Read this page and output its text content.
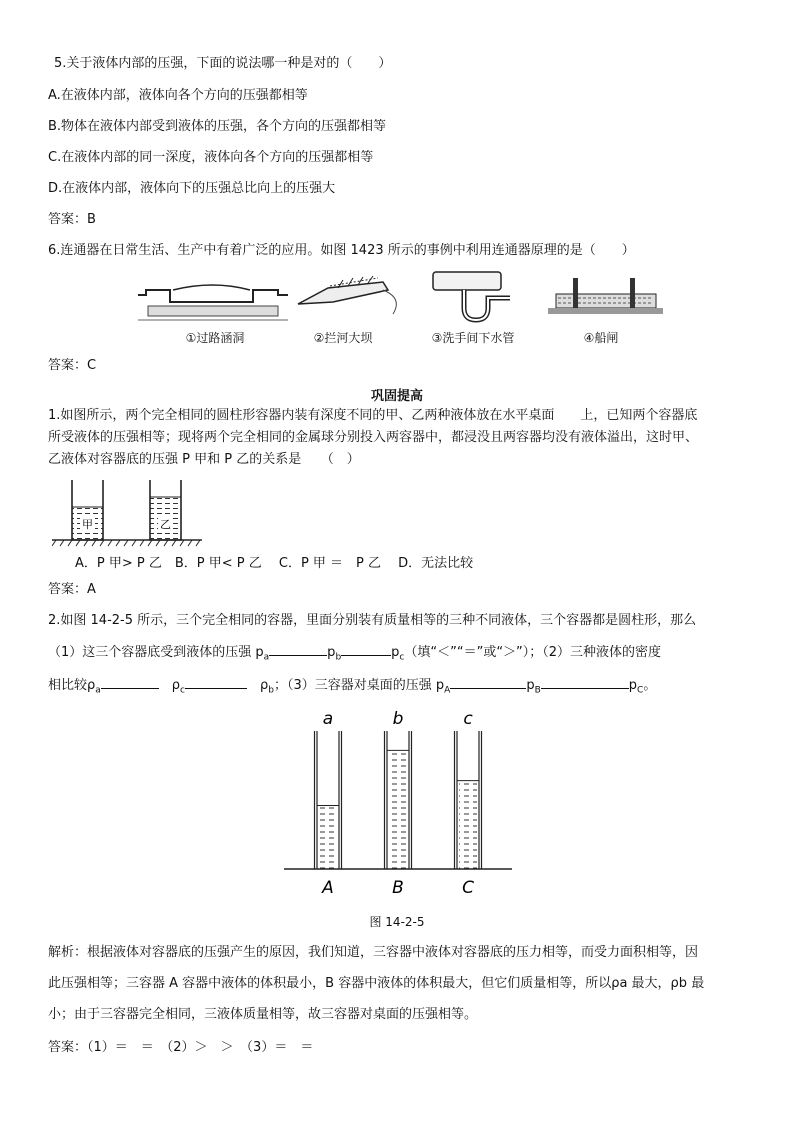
5.关于液体内部的压强，下面的说法哪一种是对的（　　）
A.在液体内部，液体向各个方向的压强都相等
B.物体在液体内部受到液体的压强，各个方向的压强都相等
C.在液体内部的同一深度，液体向各个方向的压强都相等
D.在液体内部，液体向下的压强总比向上的压强大
答案：B
6.连通器在日常生活、生产中有着广泛的应用。如图 1423 所示的事例中利用连通器原理的是（　　）
①过路涵洞	②拦河大坝	③洗手间下水管	④船闸
答案：C
巩固提高
1.如图所示，两个完全相同的圆柱形容器内装有深度不同的甲、乙两种液体放在水平桌面　　上，已知两个容器底
所受液体的压强相等；现将两个完全相同的金属球分别投入两容器中，都浸没且两容器均没有液体溢出，这时甲、
乙液体对容器底的压强 P 甲和 P 乙的关系是　　（　）
甲	乙
A．P 甲> P 乙　B．P 甲< P 乙　 C．P 甲 ＝　P 乙　 D．无法比较
答案：A
2.如图 14-2-5 所示，三个完全相同的容器，里面分别装有质量相等的三种不同液体，三个容器都是圆柱形，那么
（1）这三个容器底受到液体的压强 $p_a$	$p_b$	$p_c$（填“＜”“＝”或“＞”）；（2）三种液体的密度
相比较$\rho_a$	　$\rho_c$	　$\rho_b$；（3）三容器对桌面的压强 $p_A$	$p_B$	$p_C$。
a	b	c
A	B	C
图 14-2-5
解析：根据液体对容器底的压强产生的原因，我们知道，三容器中液体对容器底的压力相等，而受力面积相等，因
此压强相等；三容器 A 容器中液体的体积最小，B 容器中液体的体积最大，但它们质量相等，所以ρa 最大，ρb 最
小；由于三容器完全相同，三液体质量相等，故三容器对桌面的压强相等。
答案：（1）＝　＝　（2）＞　＞　（3）＝　＝
